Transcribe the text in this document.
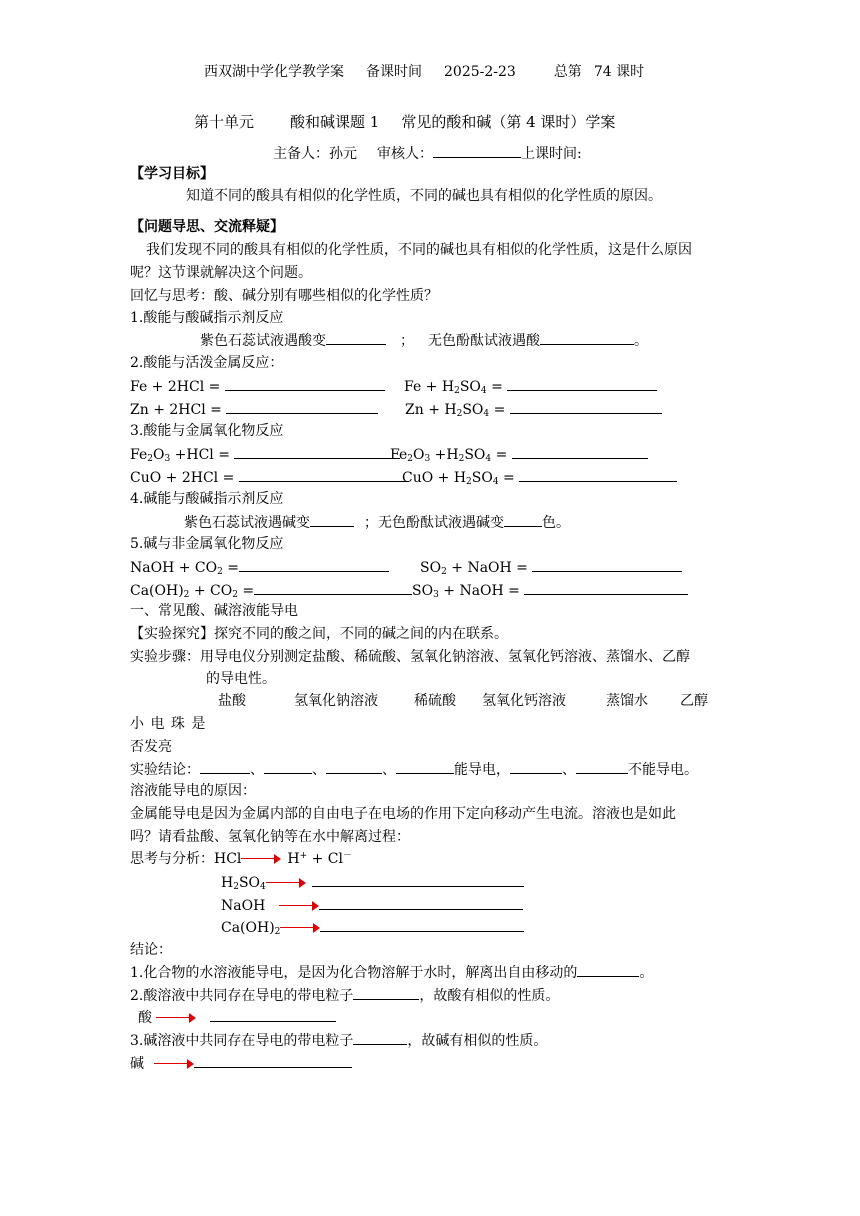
西双湖中学化学教学案 备课时间 2025-2-23	总第 74 课时
第十单元 酸和碱课题 1 常见的酸和碱（第 4 课时）学案
主备人：孙元 审核人：	上课时间:
【学习目标】
知道不同的酸具有相似的化学性质，不同的碱也具有相似的化学性质的原因。
【问题导思、交流释疑】
我们发现不同的酸具有相似的化学性质，不同的碱也具有相似的化学性质，这是什么原因
呢？这节课就解决这个问题。
回忆与思考：酸、碱分别有哪些相似的化学性质？
1.酸能与酸碱指示剂反应
紫色石蕊试液遇酸变	； 无色酚酞试液遇酸	。
2.酸能与活泼金属反应：
Fe + 2HCl =	$Fe + H_2SO_4$ =
Zn + 2HCl =	$Zn + H_2SO_4$ =
3.酸能与金属氧化物反应
$Fe_2O_3 +HCl$ =	$Fe_2O_3 +H_2SO_4$ =
CuO + 2HCl =	CuO + $H_2SO_4$ =
4.碱能与酸碱指示剂反应
紫色石蕊试液遇碱变	；无色酚酞试液遇碱变	色。
5.碱与非金属氧化物反应
NaOH + $CO_2$ =	$SO_2$ + NaOH =
$Ca(OH)_2 + CO_2$ =	$SO_3$ + NaOH =
一、常见酸、碱溶液能导电
【实验探究】探究不同的酸之间，不同的碱之间的内在联系。
实验步骤：用导电仪分别测定盐酸、稀硫酸、氢氧化钠溶液、氢氧化钙溶液、蒸馏水、乙醇
的导电性。
盐酸	氢氧化钠溶液	稀硫酸 氢氧化钙溶液	蒸馏水 乙醇
小 电 珠 是
否发亮
实验结论：	、	、	、	能导电，	、	不能导电。
溶液能导电的原因：
金属能导电是因为金属内部的自由电子在电场的作用下定向移动产生电流。溶液也是如此
吗？请看盐酸、氢氧化钠等在水中解离过程：
思考与分析：HCl	H+ + Cl－
$H_2SO_4$
NaOH
$Ca(OH)_2$
结论：
1.化合物的水溶液能导电，是因为化合物溶解于水时，解离出自由移动的	。
2.酸溶液中共同存在导电的带电粒子	，故酸有相似的性质。
酸
3.碱溶液中共同存在导电的带电粒子	，故碱有相似的性质。
碱
